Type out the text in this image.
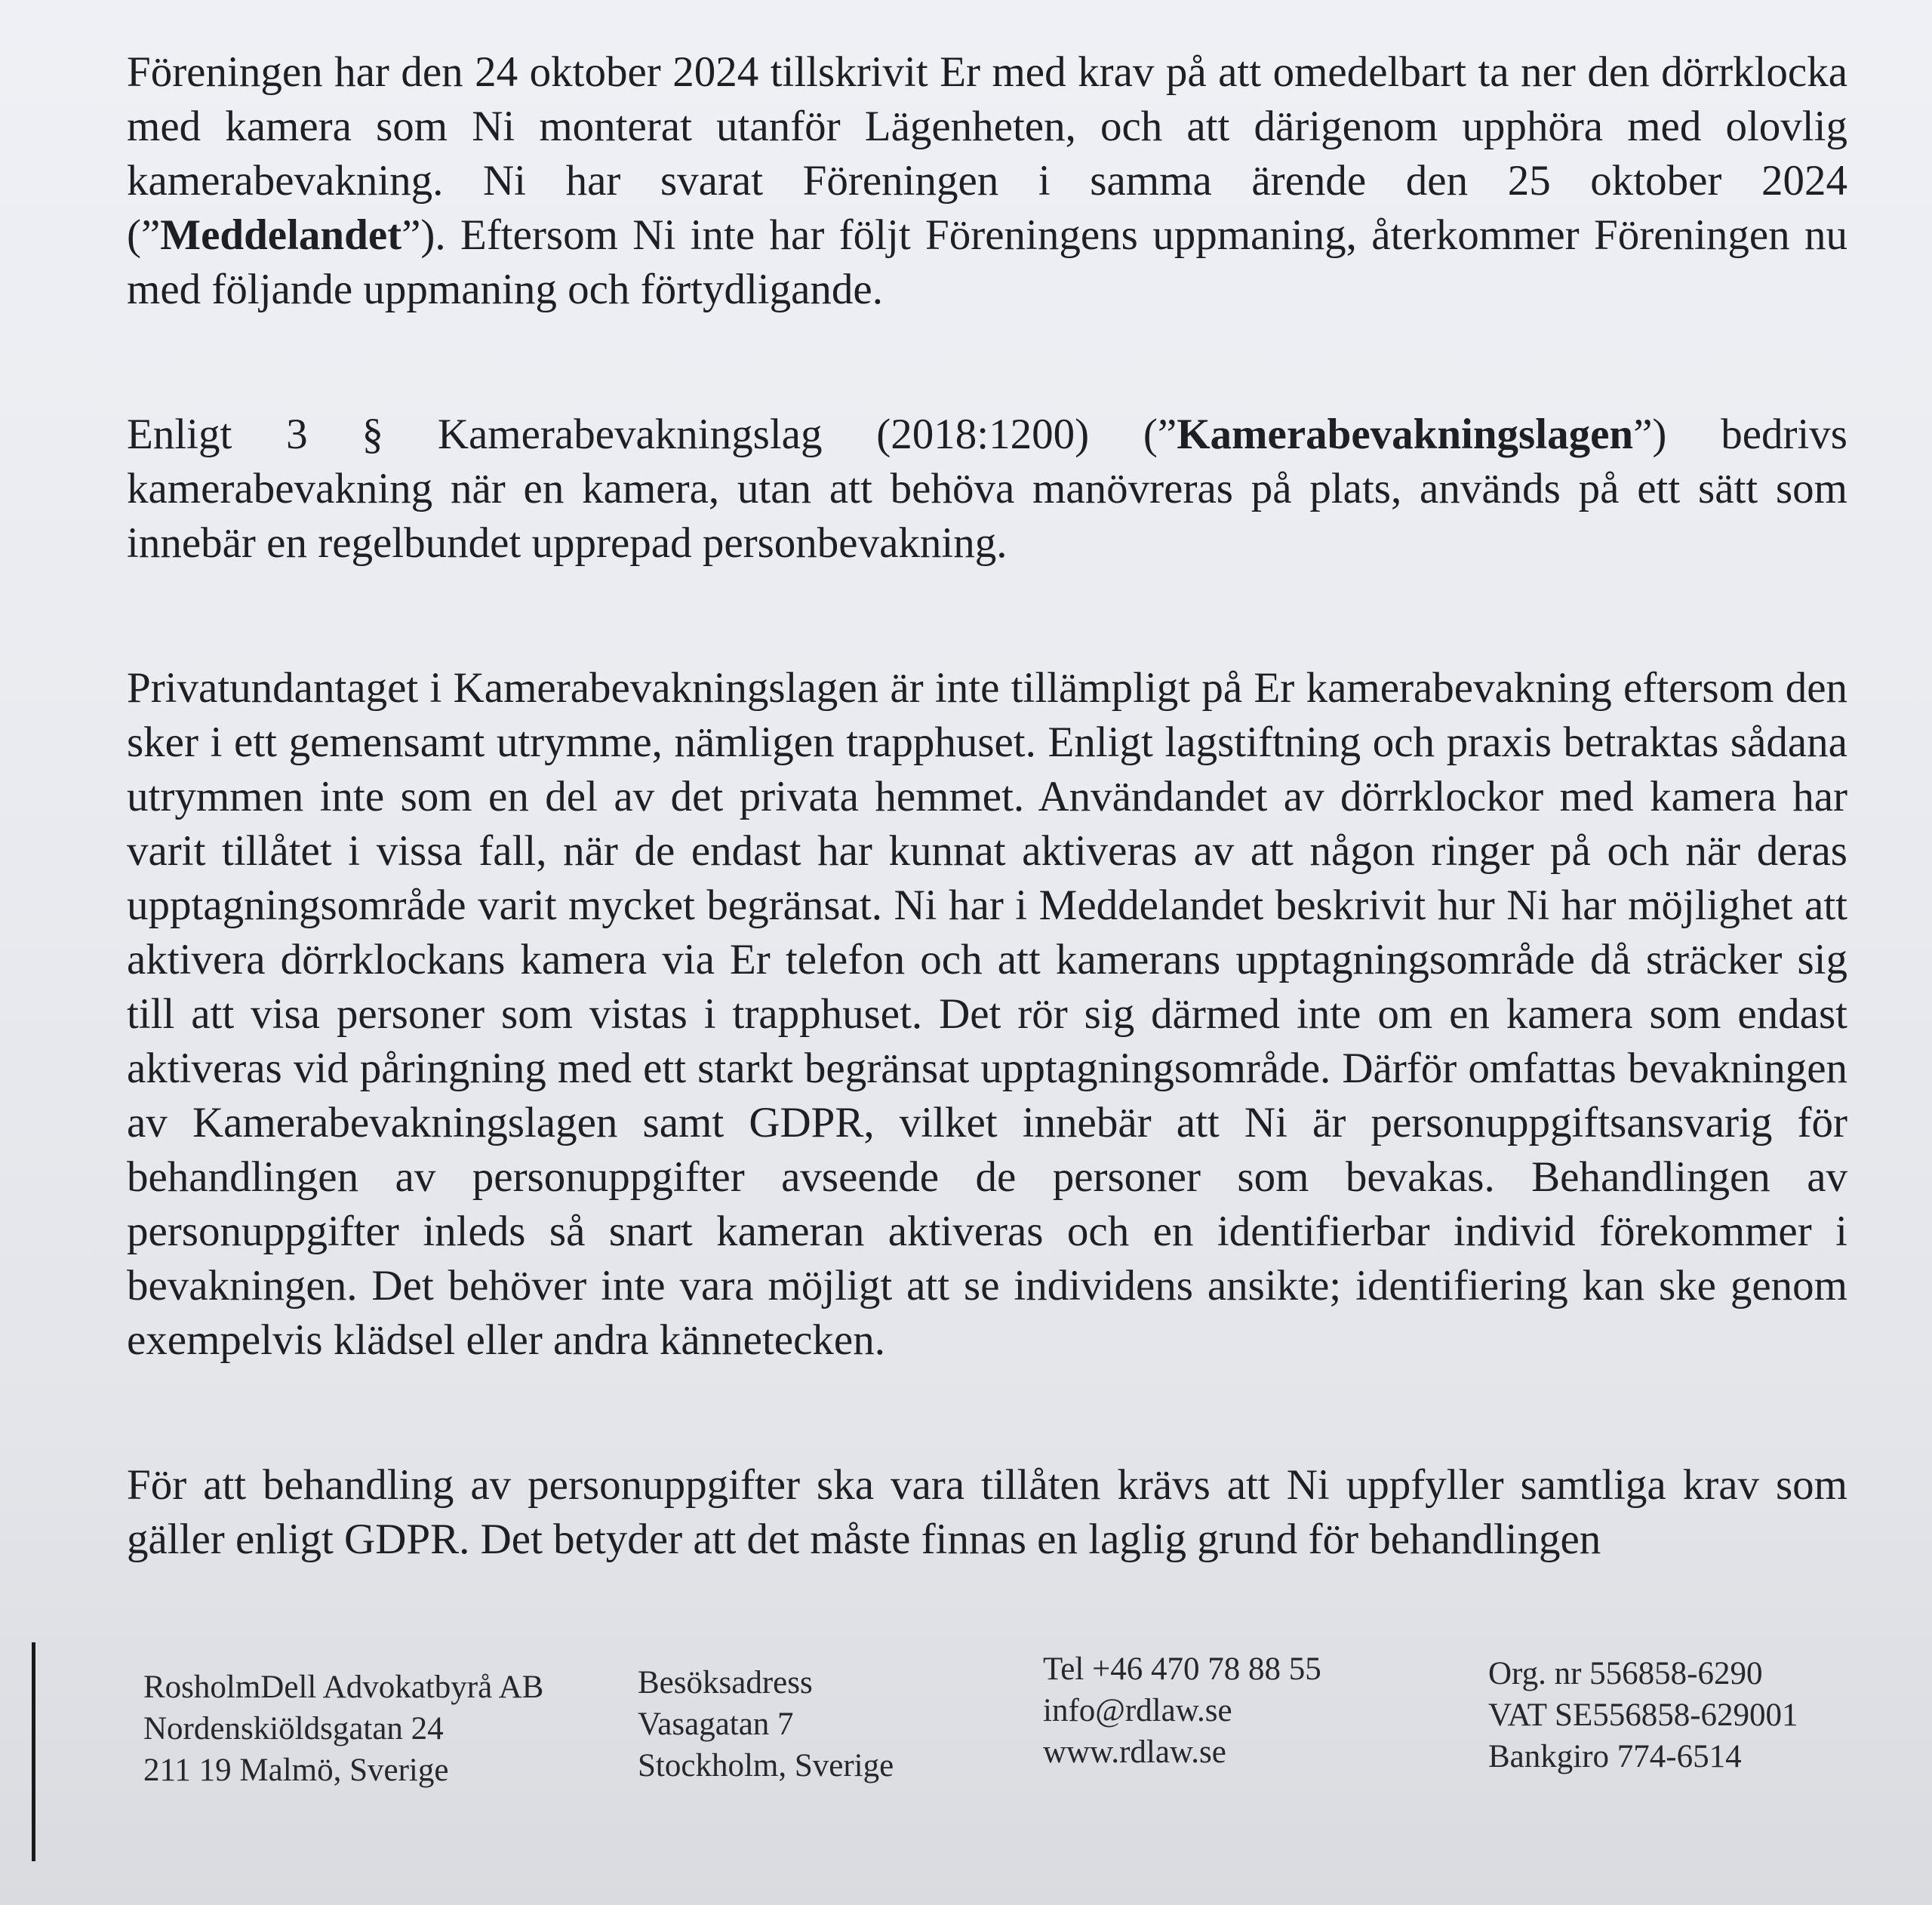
Föreningen har den 24 oktober 2024 tillskrivit Er med krav på att omedelbart ta ner den dörrklocka med kamera som Ni monterat utanför Lägenheten, och att därigenom upphöra med olovlig kamerabevakning. Ni har svarat Föreningen i samma ärende den 25 oktober 2024 (”Meddelandet”). Eftersom Ni inte har följt Föreningens uppmaning, återkommer Föreningen nu med följande uppmaning och förtydligande.

Enligt 3 § Kamerabevakningslag (2018:1200) (”Kamerabevakningslagen”) bedrivs kamerabevakning när en kamera, utan att behöva manövreras på plats, används på ett sätt som innebär en regelbundet upprepad personbevakning.

Privatundantaget i Kamerabevakningslagen är inte tillämpligt på Er kamerabevakning eftersom den sker i ett gemensamt utrymme, nämligen trapphuset. Enligt lagstiftning och praxis betraktas sådana utrymmen inte som en del av det privata hemmet. Användandet av dörrklockor med kamera har varit tillåtet i vissa fall, när de endast har kunnat aktiveras av att någon ringer på och när deras upptagningsområde varit mycket begränsat. Ni har i Meddelandet beskrivit hur Ni har möjlighet att aktivera dörrklockans kamera via Er telefon och att kamerans upptagningsområde då sträcker sig till att visa personer som vistas i trapphuset. Det rör sig därmed inte om en kamera som endast aktiveras vid påringning med ett starkt begränsat upptagningsområde. Därför omfattas bevakningen av Kamerabevakningslagen samt GDPR, vilket innebär att Ni är personuppgiftsansvarig för behandlingen av personuppgifter avseende de personer som bevakas. Behandlingen av personuppgifter inleds så snart kameran aktiveras och en identifierbar individ förekommer i bevakningen. Det behöver inte vara möjligt att se individens ansikte; identifiering kan ske genom exempelvis klädsel eller andra kännetecken.

För att behandling av personuppgifter ska vara tillåten krävs att Ni uppfyller samtliga krav som gäller enligt GDPR. Det betyder att det måste finnas en laglig grund för behandlingen

RosholmDell Advokatbyrå AB
Nordenskiöldsgatan 24
211 19 Malmö, Sverige
Besöksadress
Vasagatan 7
Stockholm, Sverige
Tel +46 470 78 88 55
info@rdlaw.se
www.rdlaw.se
Org. nr 556858-6290
VAT SE556858-629001
Bankgiro 774-6514
